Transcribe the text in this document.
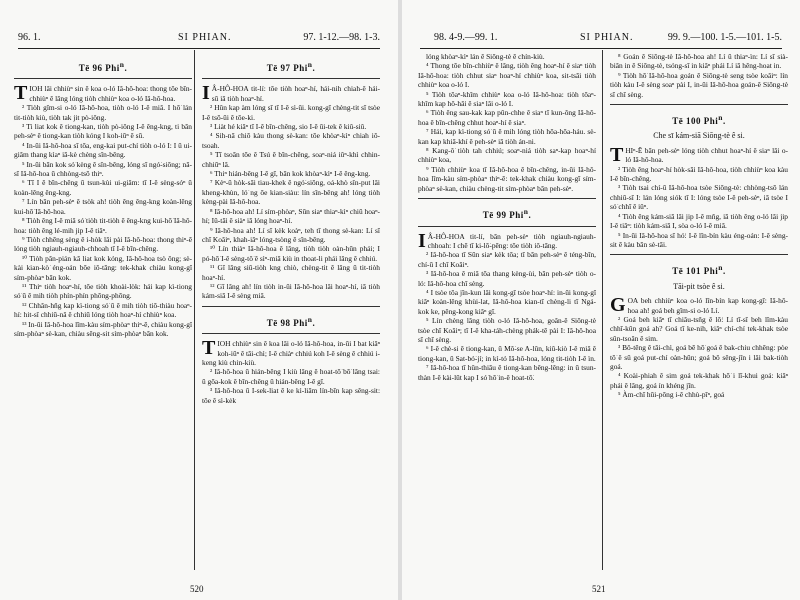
96. 1.	SI PHIAN.	97. 1-12.—98. 1-3.
Tē 96 Phi$^n$.

TIOH lâi chhiùⁿ sin ê koa o-ló Iâ-hô-hoa: thong tōe bīn-chhiùⁿ ê lâng lóng tiòh chhiùⁿ koa o-ló Iâ-hô-hoa.

² Tiòh gîm-si o-ló Iâ-hô-hoa, tiòh o-ló I-ê miâ. I hō͘ lán tit-tiòh kiù, tiòh tak jit pò-iông.

³ Ti liat kok ê tiong-kan, tiòh pò-iông I-ê êng-kng, ti bān peh-sèⁿ ê tiong-kan tiòh kóng I koh-iūⁿ ê sū.

⁴ In-ūi Iâ-hô-hoa sī tōa, eng-kai put-chí tiòh o-ló I: I ū ui-giâm thang kìaⁿ iā-kè chèng sîn-bêng.

⁵ In-ūi bān kok só͘ kèng ê sîn-bêng, lóng sī ngó͘-siōng; nā-sī Iâ-hô-hoa ū chhòng-tsō thiⁿ.

⁶ Tī I ê bīn-chêng ū tsun-kùi ui-giâm: tī I-ê sèng-sóⁿ ū koàn-lêng êng-kng.

⁷ Lín bān peh-sèⁿ ê tsòk ah! tiòh êng êng-kng koàn-lêng kui-hō͘ Iâ-hô-hoa.

⁸ Tiòh êng I-ê miâ só͘ tiòh tit-tiòh ê êng-kng kui-hō͘ Iâ-hô-hoa: tiòh êng lé-mih jip I-ê tiâⁿ.

⁹ Tiòh chhēng sèng ê i-hòk lâi pài Iâ-hô-hoa: thong thiⁿ-ē lóng tiòh ngiauh-ngiauh-chhoah tī I-ê bīn-chêng.

¹⁰ Tiòh pân-pián kā liat kok kóng, Iâ-hô-hoa tsò ông; sè-kài kian-kò͘ éng-oán bōe iô-tāng: tek-khak chiàu kong-gī sím-phòaⁿ bān kok.

¹¹ Thiⁿ tiòh hoaⁿ-hí, tōe tiòh khoài-lòk: hái kap kì-tiong só͘ ū ê mih tiòh phín-phín phōng-phōng.

¹² Chhân-hn̂g kap kì-tiong só͘ ū ê mih tiòh tiō-thiàu hoaⁿ-hí: hit-sî chhiū-nâ ê chhiū lóng tiòh hoaⁿ-hí chhiùⁿ koa.

¹³ In-ūi Iâ-hô-hoa lîm-kàu sím-phòaⁿ thiⁿ-ē, chiàu kong-gī sím-phòaⁿ sè-kan, chiàu sêng-sit sím-phòaⁿ bān kok.

Tē 97 Phi$^n$.

I Â-HÔ-HOA tit-lí: tōe tiòh hoaⁿ-hí, hái-nih chiah-ê hái-sū iā tiòh hoaⁿ-hí.

² Hûn kap àm lóng sī tī I-ê sì-ūi. kong-gī chèng-tit sī tsòe I-ê tsō-ūi ê tōe-ki.

³ Liàt hé kiâⁿ tī I-ê bīn-chêng, sio I-ê ūi-tek ê kiû-siû.

⁴ Sih-nā chiō kàu thong sè-kan: tōe khòaⁿ-kìⁿ chiah iô-tsoah.

⁵ Tī tsoān tōe ê Tsú ê bīn-chêng, soaⁿ-niá iûⁿ-khì chhin-chhiūⁿ lâ.

⁶ Thiⁿ hián-bêng I-ê gī, bān kok khòaⁿ-kìⁿ I-ê êng-kng.

⁷ Kèⁿ-ū hòk-sāi tiau-khek ê ngó͘-siōng, oá-khò sîn-put lâi kheng-khùn, ló͘ ng ōe kian-siàu: lín sîn-bêng ah! lóng tiòh kèng-pài Iâ-hô-hoa.

⁸ Iâ-hô-hoa ah! Lí sím-phòaⁿ, Sūn siaⁿ thiaⁿ-kìⁿ chiū hoaⁿ-hí; Iû-tāi ê siàⁿ iā lóng hoaⁿ-hí.

⁹ Iâ-hô-hoa ah! Lí sī kèk koàⁿ, teh tī thong sè-kan: Lí sī chī Koâiⁿ, khah-iâⁿ lóng-tsòng ê sîn-bêng.

¹⁰ Lín thiàⁿ Iâ-hô-hoa ê lâng, tiòh tiòh oàn-hūn phái; I pó-hō͘ I-ê sèng-tô͘ ê sìⁿ-miā kiù in thoat-li phái lâng ê chhiú.

¹¹ Gī lâng siū-tiòh kng chiò, chèng-tit ê lâng ū tit-tiòh hoaⁿ-hí.

¹² Gī lâng ah! lín tiòh in-ūi Iâ-hô-hoa lâi hoaⁿ-hí, iā tiòh kám-siā I-ê sèng miâ.

Tē 98 Phi$^n$.

TIOH chhiùⁿ sin ê koa lâi o-ló Iâ-hô-hoa, in-ūi I bat kiâⁿ koh-iūⁿ ê tāi-chì; I-ê chiàⁿ chhiú koh I-ê sèng ê chhiú i-keng kiù chin-kiù.

² Iâ-hô-hoa ū hián-bêng I kiù lâng ê hoat-tō͘ bō͘ lâng tsai: ū gōa-kok ê bīn-chêng ū hián-bêng I-ê gī.

³ Iâ-hô-hoa ū I-sek-liat ê ke kì-liām lín-bīn kap sêng-sit: tōe ê sì-kėk

520
98. 4-9.—99. 1.	SI PHIAN.	99. 9.—100. 1-5.—101. 1-5.

lóng khòaⁿ-kìⁿ lán ê Siōng-tè ê chín-kiù.

⁴ Thong tōe bīn-chhiùⁿ ê lâng, tiòh êng hoaⁿ-hí ê siaⁿ tiòh Iâ-hô-hoa: tiòh chhut siaⁿ hoaⁿ-hí chhiùⁿ koa, sit-tsāi tiòh chhiùⁿ koa o-ló I.

⁵ Tiòh tōaⁿ-khîm chhiùⁿ koa o-ló Iâ-hô-hoa: tiòh tōaⁿ-khîm kap hô-hâi ê siaⁿ lâi o-ló I.

⁶ Tiòh êng sau-kak kap pûn-chhe ê siaⁿ tī kun-ông Iâ-hô-hoa ê bīn-chêng chhut hoaⁿ-hí ê siaⁿ.

⁷ Hái, kap kì-tiong só͘ ū ê mih lóng tiòh hōa-hōa-háu. sè-kan kap khiā-khí ê peh-sèⁿ iā tiòh án-ni.

⁸ Kang-ô͘ tiòh tah chhiú; soaⁿ-niá tiòh saⁿ-kap hoaⁿ-hí chhiùⁿ koa,

⁹ Tiòh chhiùⁿ koa tī Iâ-hô-hoa ê bīn-chêng, in-ūi Iâ-hô-hoa lîm-kàu sím-phòaⁿ thiⁿ-ē: tek-khak chiàu kong-gī sím-phòaⁿ sè-kan, chiàu chèng-tit sím-phòaⁿ bān peh-sèⁿ.

Tē 99 Phi$^n$.

I Â-HÔ-HOA tit-lí, bān peh-sèⁿ tiòh ngiauh-ngiauh-chhoah: I chē tī ki-lō͘-pēng: tōe tiòh iô-tāng.

² Iâ-hô-hoa tī Sūn siaⁿ kèk tōa; tī bān peh-sèⁿ ê téng-bīn, chí-ū I chī Koâiⁿ.

³ Iâ-hô-hoa ê miâ tōa thang kèng-ùi, bān peh-sèⁿ tiòh o-ló: Iâ-hô-hoa chī sèng.

⁴ I tsòe tōa jîn-kun lâi kong-gī tsòe hoaⁿ-hí: in-ūi kong-gī kiâⁿ koàn-lêng khùi-lat, Iâ-hô-hoa kian-tī chèng-li tī Ngá-kok ke, pêng-kong kiâⁿ gī.

⁵ Lín chèng lâng tiòh o-ló Iâ-hô-hoa, goân-ê Siōng-tè tsòe chī Koâiⁿ; tī I-ê kha-táh-chèng phák-tē pài I: Iâ-hô-hoa sī chī sèng.

⁶ I-ê chè-si ê tiong-kan, ū Mô͘-se A-lûn, kiû-kiò I-ê miâ ê tiong-kan, ū Sat-bó͘-jí; in kì-tó Iâ-hô-hoa, lóng tit-tiòh I-ê ìn.

⁷ Iâ-hô-hoa tī hûn-thiāu ê tiong-kan bêng-lêng: in ū tsun-thàn I-ê kài-lūt kap I só͘ hō͘ in-ê hoat-tō͘.

⁸ Goán ê Siōng-tè Iâ-hô-hoa ah! Lí ū thiaⁿ-ìn: Lí sī sià-biân in ê Siōng-tè, tsóng-sī in kiâⁿ phái Lí iā hêng-hoat in.

⁹ Tiòh hō͘ Iâ-hô-hoa goán ê Siōng-tè seng tsòe koâiⁿ: lín tiòh kàu I-ê sèng soaⁿ pài I, in-ūi Iâ-hô-hoa goán-ê Siōng-tè sī chī sèng.

Tē 100 Phi$^n$.
Che sī kám-siā Siōng-tè ê si.

THIⁿ-Ē bān peh-sèⁿ lóng tiòh chhut hoaⁿ-hí ê siaⁿ lâi o-ló Iâ-hô-hoa.

² Tiòh êng hoaⁿ-hí hòk-sāi Iâ-hô-hoa, tiòh chhiùⁿ koa kàu I-ê bīn-chêng.

³ Tiòh tsai chí-ū Iâ-hô-hoa tsòe Siōng-tè: chhòng-tsō lán chhiū-sī I: lán lóng siók tī I: lóng tsòe I-ê peh-sèⁿ, iā tsòe I só͘ chhī ê iûⁿ.

⁴ Tiòh êng kám-siā lâi jip I-ê mn̂g, iā tiòh êng o-ló lâi jip I-ê tiâⁿ: tiòh kám-siā I, sòa o-ló I-ê miâ.

⁵ In-ūi Iâ-hô-hoa sī hó͘: I-ê lîn-bín kàu éng-oán: I-ê sèng-sit ē kàu bān sè-tāi.

Tē 101 Phi$^n$.
Tāi-pit tsòe ê si.

GOA beh chhiùⁿ koa o-ló lîn-bín kap kong-gī: Iâ-hô-hoa ah! goá beh gîm-si o-ló Lí.

² Goá beh kiâⁿ tī chiâu-tsn̂g ê lō͘: Lí tī-sī beh lîm-kàu chhī-kûn goá ah? Goá tī ke-nih, kiâⁿ chí-chí tek-khak tsòe sûn-tsoân ê sim.

³ Bô-tēng ê tāi-chì, goá bē hō͘ goá ê bak-chiu chhēng: pòe tō͘ ê sū goá put-chí oàn-hūn; goá bô sêng-jîn i lâi bak-tiòh goá.

⁴ Koài-phiah ê sim goá tek-khak hō͘ i lī-khui goá: kiâⁿ phái ê lâng, goá ín khéng jīn.

⁵ Àm-chī hūi-pōng i-ê chhù-pīⁿ, goá

521
